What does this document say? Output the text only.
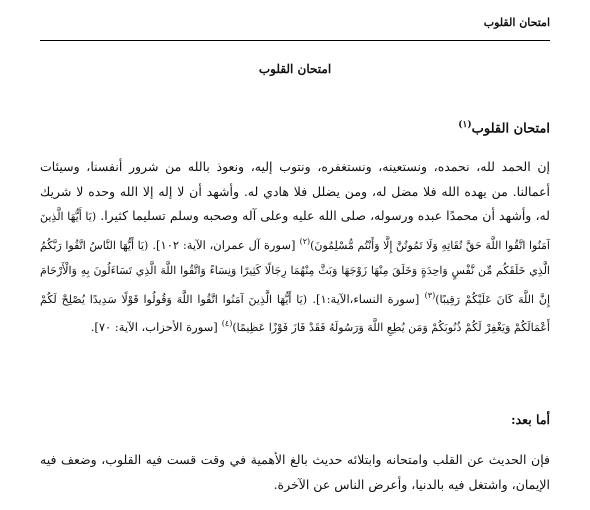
امتحان القلوب
امتحان القلوب
امتحان القلوب$^{(١)}$

إن الحمد لله، نحمده، ونستعينه، ونستغفره، ونتوب إليه، ونعوذ بالله من شرور أنفسنا، وسيئات أعمالنا. من يهده الله فلا مضل له، ومن يضلل فلا هادي له. وأشهد أن لا إله إلا الله وحده لا شريك له، وأشهد أن محمدًا عبده ورسوله، صلى الله عليه وعلى آله وصحبه وسلم تسليما كثيرا. (يَا أَيُّهَا الَّذِينَ آمَنُوا اتَّقُوا اللَّهَ حَقَّ تُقَاتِهِ وَلَا تَمُوتُنَّ إِلَّا وَأَنْتُم مُّسْلِمُونَ)$^{(٢)}$ [سورة آل عمران، الآية: ١٠٢]. (يَا أَيُّهَا النَّاسُ اتَّقُوا رَبَّكُمُ الَّذِي خَلَقَكُم مِّن نَّفْسٍ وَاحِدَةٍ وَخَلَقَ مِنْهَا زَوْجَهَا وَبَثَّ مِنْهُمَا رِجَالًا كَثِيرًا وَنِسَاءً وَاتَّقُوا اللَّهَ الَّذِي تَسَاءَلُونَ بِهِ وَالْأَرْحَامَ إِنَّ اللَّهَ كَانَ عَلَيْكُمْ رَقِيبًا)$^{(٣)}$ [سورة النساء،الآية:١]. (يَا أَيُّهَا الَّذِينَ آمَنُوا اتَّقُوا اللَّهَ وَقُولُوا قَوْلًا سَدِيدًا يُصْلِحْ لَكُمْ أَعْمَالَكُمْ وَيَغْفِرْ لَكُمْ ذُنُوبَكُمْ وَمَن يُطِعِ اللَّهَ وَرَسُولَهُ فَقَدْ فَازَ فَوْزًا عَظِيمًا)$^{(٤)}$ [سورة الأحزاب، الآية: ٧٠].

أما بعد:

فإن الحديث عن القلب وامتحانه وابتلائه حديث بالغ الأهمية في وقت قست فيه القلوب، وضعف فيه الإيمان، واشتغل فيه بالدنيا، وأعرض الناس عن الآخرة.
